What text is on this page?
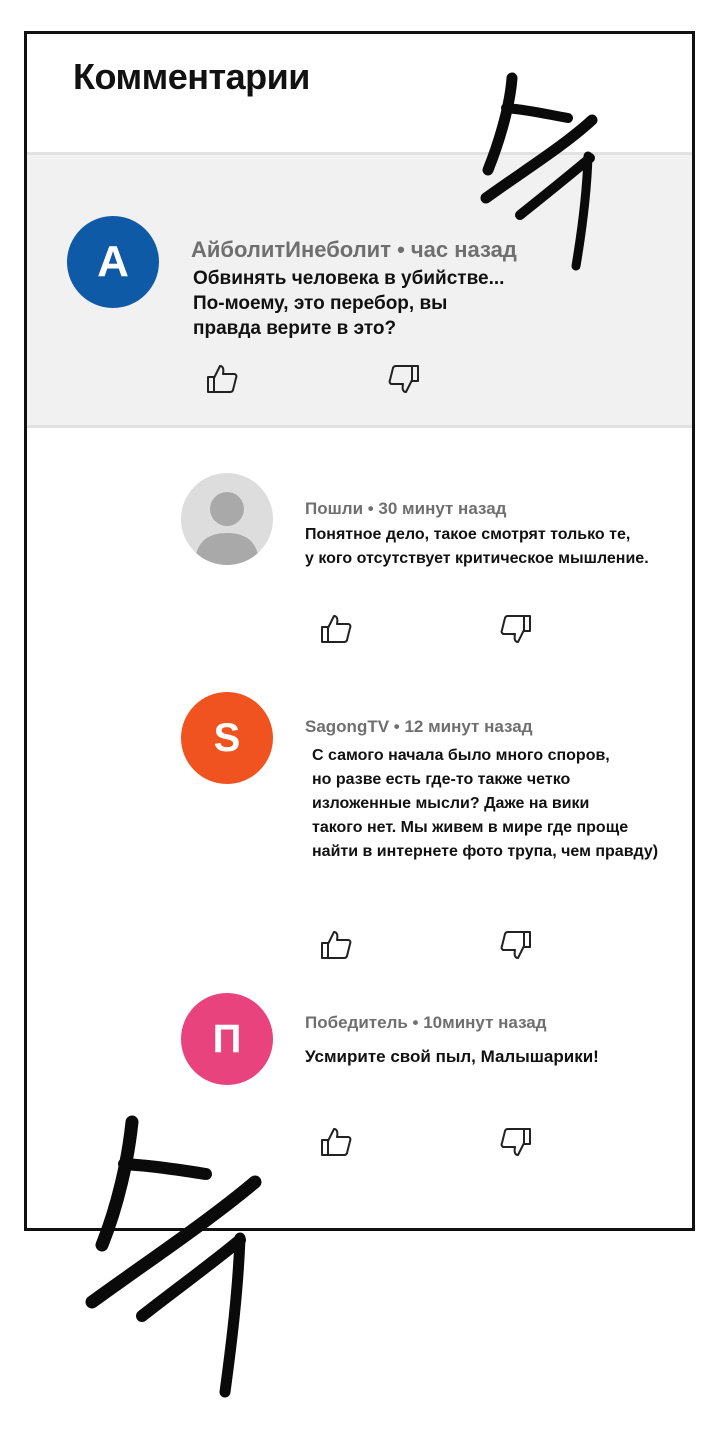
Комментарии
A	АйболитИнеболит • час назад

Обвинять человека в убийстве...
По-моему, это перебор, вы
правда верите в это?

Пошли • 30 минут назад

Понятное дело, такое смотрят только те,
у кого отсутствует критическое мышление.

S	SagongTV • 12 минут назад

С самого начала было много споров,
но разве есть где-то также четко
изложенные мысли? Даже на вики
такого нет. Мы живем в мире где проще
найти в интернете фото трупа, чем правду)

П	Победитель • 10минут назад

Усмирите свой пыл, Малышарики!
